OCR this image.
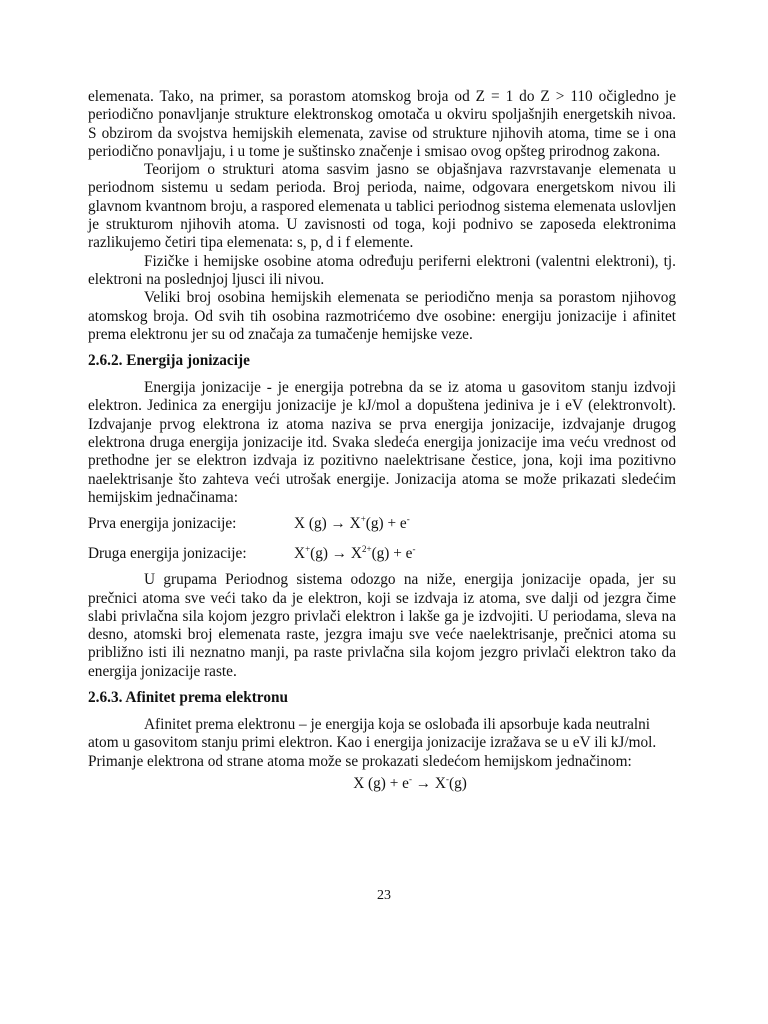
elemenata. Tako, na primer, sa porastom atomskog broja od Z = 1 do Z > 110 očigledno je periodično ponavljanje strukture elektronskog omotača u okviru spoljašnjih energetskih nivoa. S obzirom da svojstva hemijskih elemenata, zavise od strukture njihovih atoma, time se i ona periodično ponavljaju, i u tome je suštinsko značenje i smisao ovog opšteg prirodnog zakona.

Teorijom o strukturi atoma sasvim jasno se objašnjava razvrstavanje elemenata u periodnom sistemu u sedam perioda. Broj perioda, naime, odgovara energetskom nivou ili glavnom kvantnom broju, a raspored elemenata u tablici periodnog sistema elemenata uslovljen je strukturom njihovih atoma. U zavisnosti od toga, koji podnivo se zaposeda elektronima razlikujemo četiri tipa elemenata: s, p, d i f elemente.

Fizičke i hemijske osobine atoma određuju periferni elektroni (valentni elektroni), tj. elektroni na poslednjoj ljusci ili nivou.

Veliki broj osobina hemijskih elemenata se periodično menja sa porastom njihovog atomskog broja. Od svih tih osobina razmotrićemo dve osobine: energiju jonizacije i afinitet prema elektronu jer su od značaja za tumačenje hemijske veze.

2.6.2. Energija jonizacije

Energija jonizacije - je energija potrebna da se iz atoma u gasovitom stanju izdvoji elektron. Jedinica za energiju jonizacije je kJ/mol a dopuštena jediniva je i eV (elektronvolt). Izdvajanje prvog elektrona iz atoma naziva se prva energija jonizacije, izdvajanje drugog elektrona druga energija jonizacije itd. Svaka sledeća energija jonizacije ima veću vrednost od prethodne jer se elektron izdvaja iz pozitivno naelektrisane čestice, jona, koji ima pozitivno naelektrisanje što zahteva veći utrošak energije. Jonizacija atoma se može prikazati sledećim hemijskim jednačinama:

Prva energija jonizacije:	X (g) → X+(g) + e-
Druga energija jonizacije:	$X^+(g) \to X^{2+}(g) + e^-$

U grupama Periodnog sistema odozgo na niže, energija jonizacije opada, jer su prečnici atoma sve veći tako da je elektron, koji se izdvaja iz atoma, sve dalji od jezgra čime slabi privlačna sila kojom jezgro privlači elektron i lakše ga je izdvojiti. U periodama, sleva na desno, atomski broj elemenata raste, jezgra imaju sve veće naelektrisanje, prečnici atoma su približno isti ili neznatno manji, pa raste privlačna sila kojom jezgro privlači elektron tako da energija jonizacije raste.

2.6.3. Afinitet prema elektronu

Afinitet prema elektronu – je energija koja se oslobađa ili apsorbuje kada neutralni atom u gasovitom stanju primi elektron. Kao i energija jonizacije izražava se u eV ili kJ/mol. Primanje elektrona od strane atoma može se prokazati sledećom hemijskom jednačinom:

X (g) + e- → X-(g)
23
